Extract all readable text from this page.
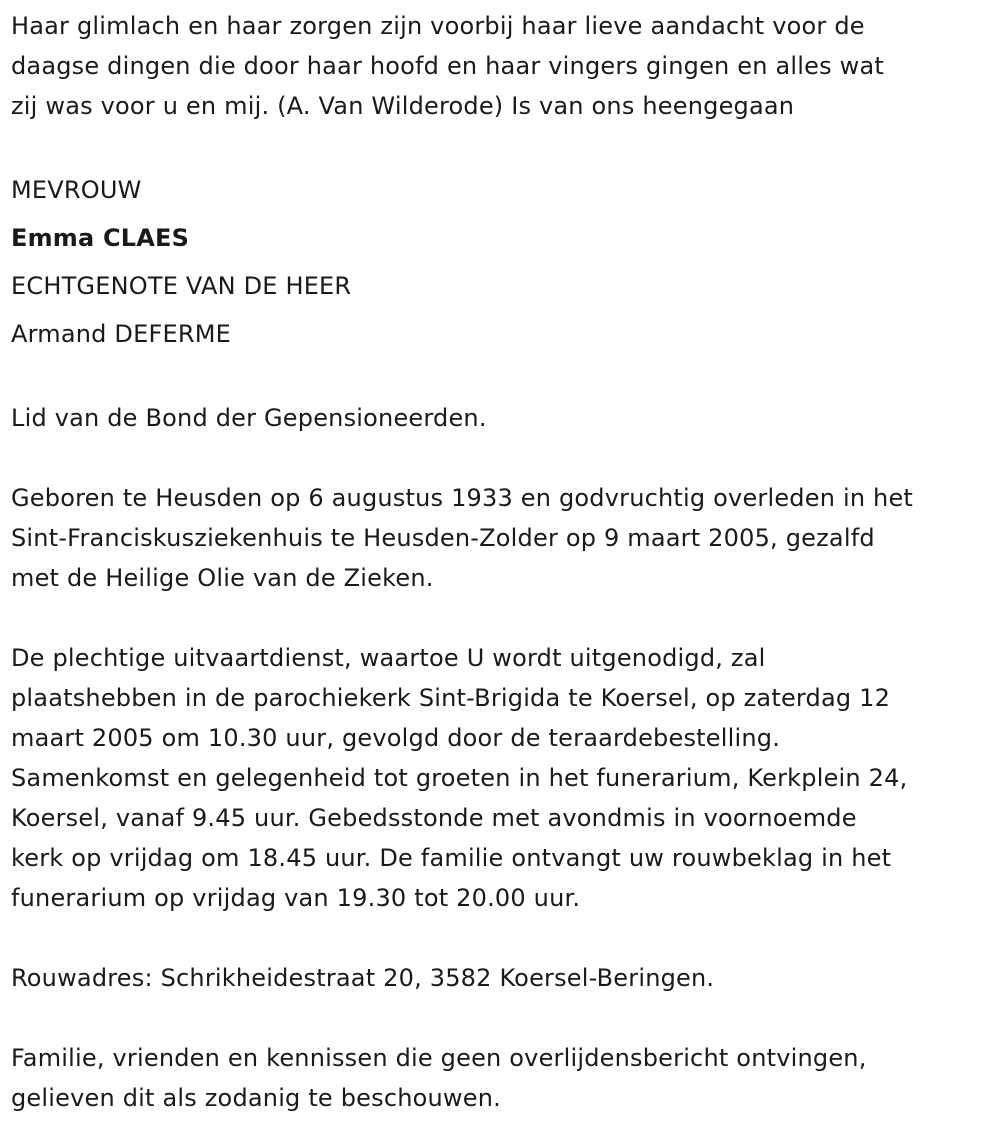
Haar glimlach en haar zorgen zijn voorbij haar lieve aandacht voor de
daagse dingen die door haar hoofd en haar vingers gingen en alles wat
zij was voor u en mij. (A. Van Wilderode) Is van ons heengegaan

MEVROUW
Emma CLAES
ECHTGENOTE VAN DE HEER
Armand DEFERME

Lid van de Bond der Gepensioneerden.

Geboren te Heusden op 6 augustus 1933 en godvruchtig overleden in het
Sint-Franciskusziekenhuis te Heusden-Zolder op 9 maart 2005, gezalfd
met de Heilige Olie van de Zieken.

De plechtige uitvaartdienst, waartoe U wordt uitgenodigd, zal
plaatshebben in de parochiekerk Sint-Brigida te Koersel, op zaterdag 12
maart 2005 om 10.30 uur, gevolgd door de teraardebestelling.
Samenkomst en gelegenheid tot groeten in het funerarium, Kerkplein 24,
Koersel, vanaf 9.45 uur. Gebedsstonde met avondmis in voornoemde
kerk op vrijdag om 18.45 uur. De familie ontvangt uw rouwbeklag in het
funerarium op vrijdag van 19.30 tot 20.00 uur.

Rouwadres: Schrikheidestraat 20, 3582 Koersel-Beringen.

Familie, vrienden en kennissen die geen overlijdensbericht ontvingen,
gelieven dit als zodanig te beschouwen.
